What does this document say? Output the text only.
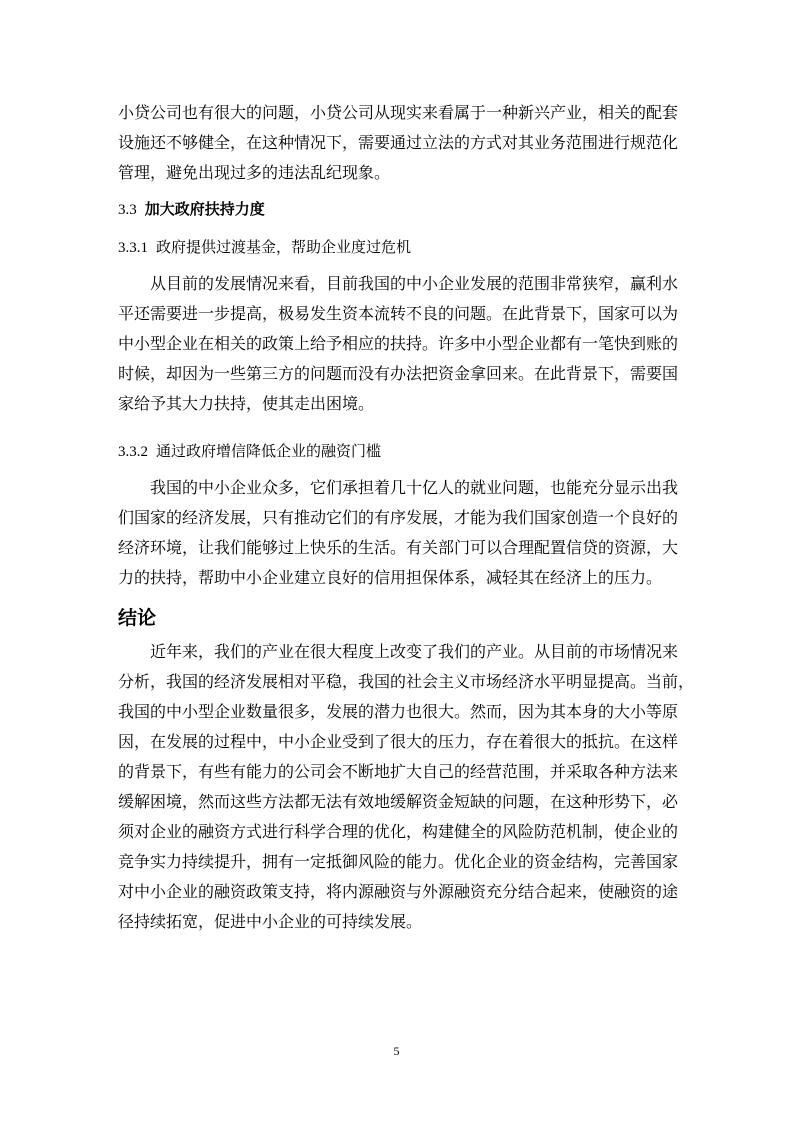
小贷公司也有很大的问题，小贷公司从现实来看属于一种新兴产业，相关的配套
设施还不够健全，在这种情况下，需要通过立法的方式对其业务范围进行规范化
管理，避免出现过多的违法乱纪现象。
3.3 加大政府扶持力度
3.3.1 政府提供过渡基金，帮助企业度过危机
从目前的发展情况来看，目前我国的中小企业发展的范围非常狭窄，赢利水
平还需要进一步提高，极易发生资本流转不良的问题。在此背景下，国家可以为
中小型企业在相关的政策上给予相应的扶持。许多中小型企业都有一笔快到账的
时候，却因为一些第三方的问题而没有办法把资金拿回来。在此背景下，需要国
家给予其大力扶持，使其走出困境。
3.3.2 通过政府增信降低企业的融资门槛
我国的中小企业众多，它们承担着几十亿人的就业问题，也能充分显示出我
们国家的经济发展，只有推动它们的有序发展，才能为我们国家创造一个良好的
经济环境，让我们能够过上快乐的生活。有关部门可以合理配置信贷的资源，大
力的扶持，帮助中小企业建立良好的信用担保体系，减轻其在经济上的压力。
结论
近年来，我们的产业在很大程度上改变了我们的产业。从目前的市场情况来
分析，我国的经济发展相对平稳，我国的社会主义市场经济水平明显提高。当前，
我国的中小型企业数量很多，发展的潜力也很大。然而，因为其本身的大小等原
因，在发展的过程中，中小企业受到了很大的压力，存在着很大的抵抗。在这样
的背景下，有些有能力的公司会不断地扩大自己的经营范围，并采取各种方法来
缓解困境，然而这些方法都无法有效地缓解资金短缺的问题，在这种形势下，必
须对企业的融资方式进行科学合理的优化，构建健全的风险防范机制，使企业的
竞争实力持续提升，拥有一定抵御风险的能力。优化企业的资金结构，完善国家
对中小企业的融资政策支持，将内源融资与外源融资充分结合起来，使融资的途
径持续拓宽，促进中小企业的可持续发展。
5
